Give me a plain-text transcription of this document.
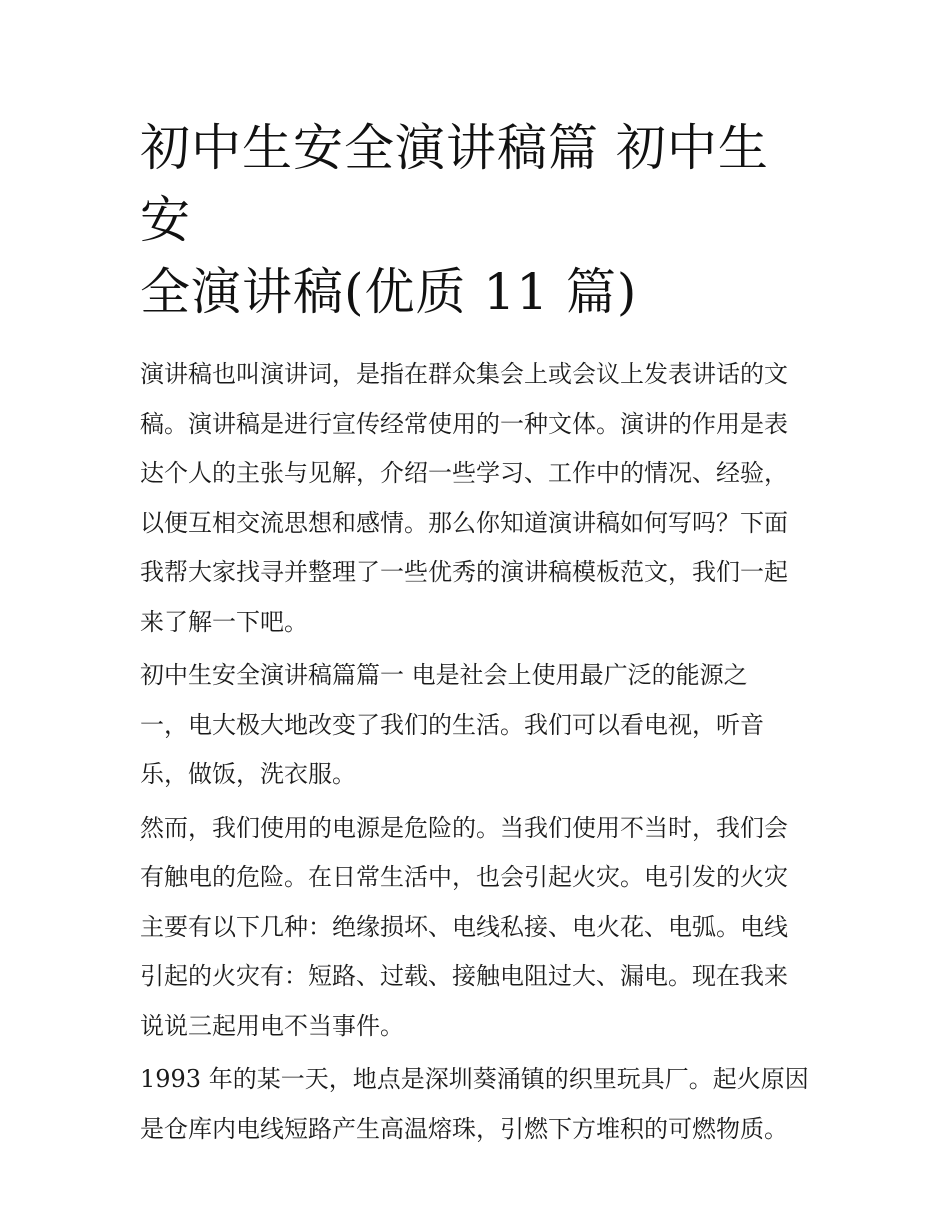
初中生安全演讲稿篇 初中生安
全演讲稿(优质 11 篇)

演讲稿也叫演讲词，是指在群众集会上或会议上发表讲话的文
稿。演讲稿是进行宣传经常使用的一种文体。演讲的作用是表
达个人的主张与见解，介绍一些学习、工作中的情况、经验，
以便互相交流思想和感情。那么你知道演讲稿如何写吗？下面
我帮大家找寻并整理了一些优秀的演讲稿模板范文，我们一起
来了解一下吧。

初中生安全演讲稿篇篇一 电是社会上使用最广泛的能源之
一，电大极大地改变了我们的生活。我们可以看电视，听音
乐，做饭，洗衣服。

然而，我们使用的电源是危险的。当我们使用不当时，我们会
有触电的危险。在日常生活中，也会引起火灾。电引发的火灾
主要有以下几种：绝缘损坏、电线私接、电火花、电弧。电线
引起的火灾有：短路、过载、接触电阻过大、漏电。现在我来
说说三起用电不当事件。

1993 年的某一天，地点是深圳葵涌镇的织里玩具厂。起火原因
是仓库内电线短路产生高温熔珠，引燃下方堆积的可燃物质。
